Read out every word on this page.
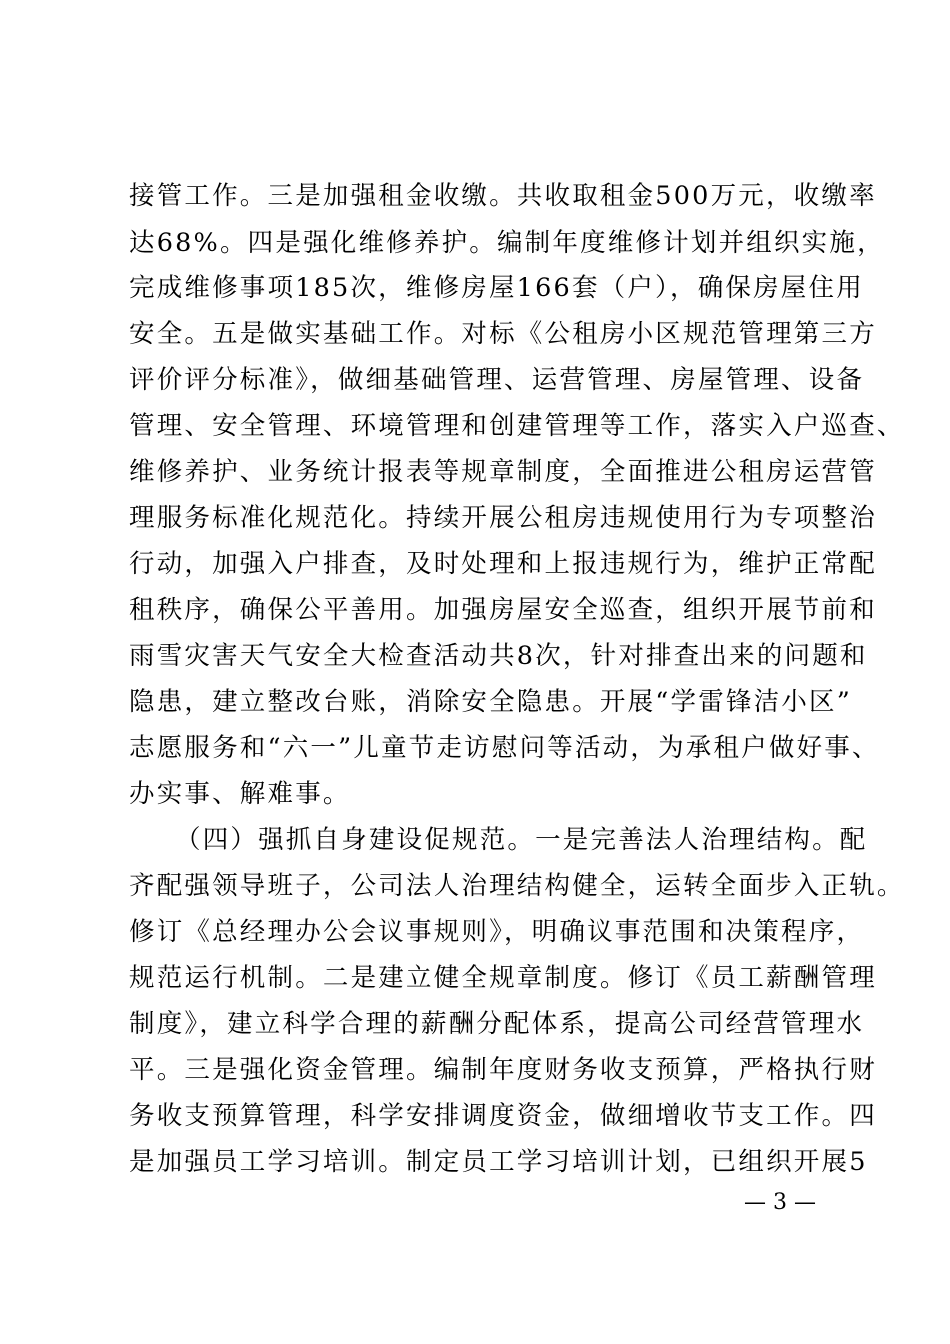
接管工作。三是加强租金收缴。共收取租金500万元，收缴率
达68%。四是强化维修养护。编制年度维修计划并组织实施，
完成维修事项185次，维修房屋166套（户），确保房屋住用
安全。五是做实基础工作。对标《公租房小区规范管理第三方
评价评分标准》，做细基础管理、运营管理、房屋管理、设备
管理、安全管理、环境管理和创建管理等工作，落实入户巡查、
维修养护、业务统计报表等规章制度，全面推进公租房运营管
理服务标准化规范化。持续开展公租房违规使用行为专项整治
行动，加强入户排查，及时处理和上报违规行为，维护正常配
租秩序，确保公平善用。加强房屋安全巡查，组织开展节前和
雨雪灾害天气安全大检查活动共8次，针对排查出来的问题和
隐患，建立整改台账，消除安全隐患。开展“学雷锋洁小区”
志愿服务和“六一”儿童节走访慰问等活动，为承租户做好事、
办实事、解难事。
（四）强抓自身建设促规范。一是完善法人治理结构。配
齐配强领导班子，公司法人治理结构健全，运转全面步入正轨。
修订《总经理办公会议事规则》，明确议事范围和决策程序，
规范运行机制。二是建立健全规章制度。修订《员工薪酬管理
制度》，建立科学合理的薪酬分配体系，提高公司经营管理水
平。三是强化资金管理。编制年度财务收支预算，严格执行财
务收支预算管理，科学安排调度资金，做细增收节支工作。四
是加强员工学习培训。制定员工学习培训计划，已组织开展5
— 3 —
